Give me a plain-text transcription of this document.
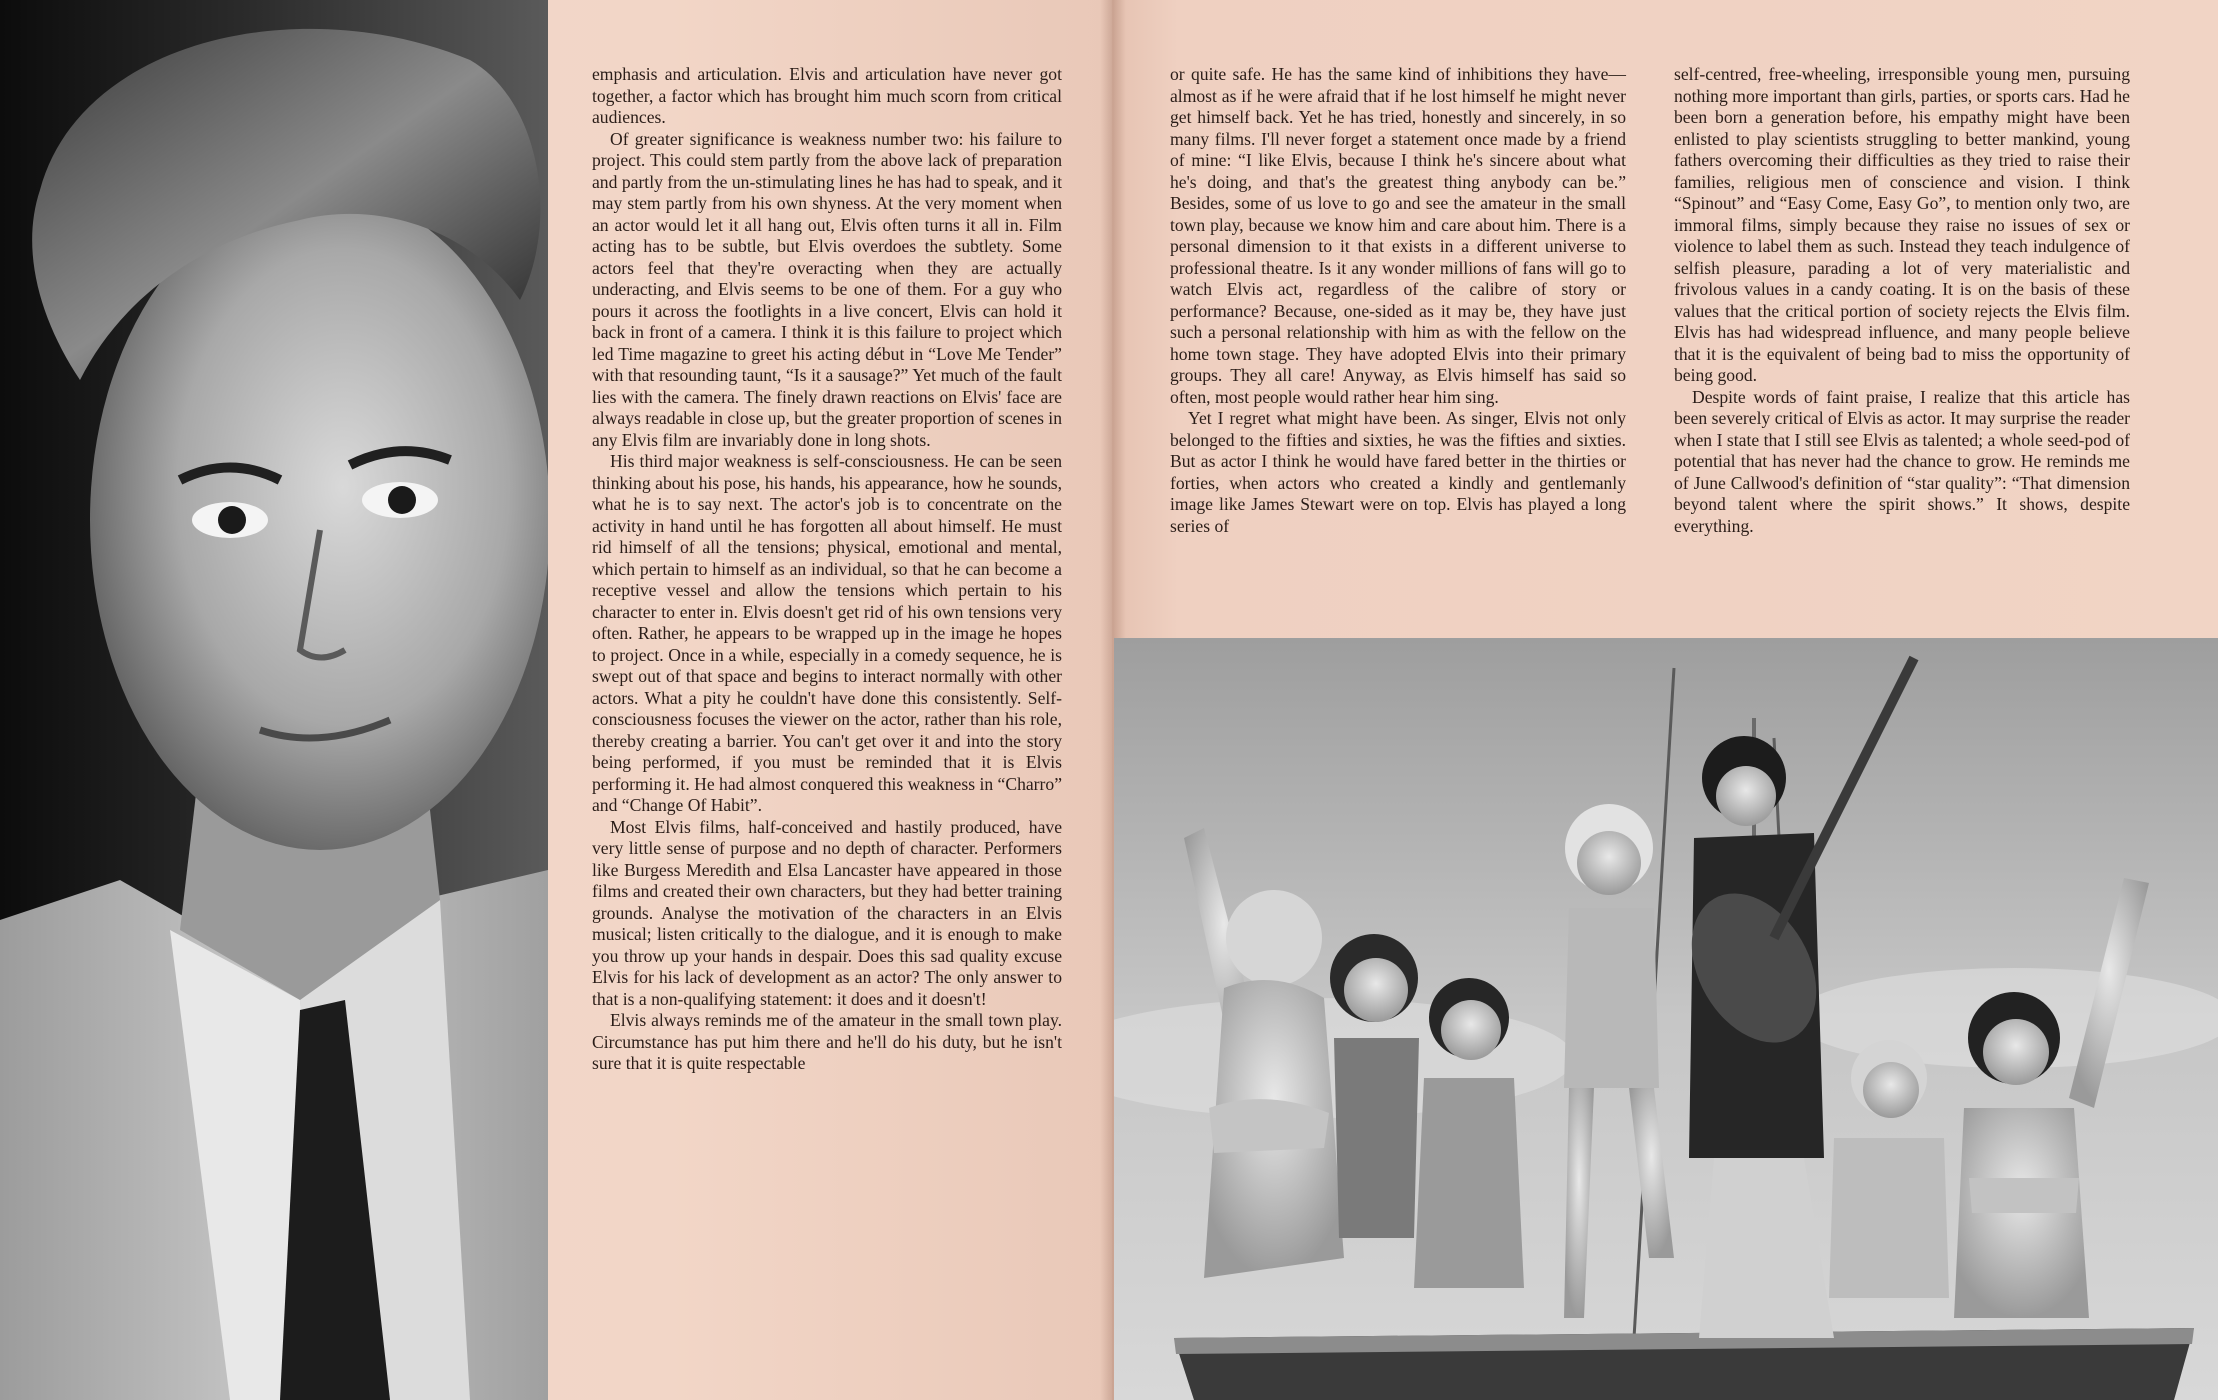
emphasis and articulation. Elvis and articulation have never got together, a factor which has brought him much scorn from critical audiences.

Of greater significance is weakness number two: his failure to project. This could stem partly from the above lack of preparation and partly from the un-stimulating lines he has had to speak, and it may stem partly from his own shyness. At the very moment when an actor would let it all hang out, Elvis often turns it all in. Film acting has to be subtle, but Elvis overdoes the subtlety. Some actors feel that they're overacting when they are actually underacting, and Elvis seems to be one of them. For a guy who pours it across the footlights in a live concert, Elvis can hold it back in front of a camera. I think it is this failure to project which led Time magazine to greet his acting début in “Love Me Tender” with that resounding taunt, “Is it a sausage?” Yet much of the fault lies with the camera. The finely drawn reactions on Elvis' face are always readable in close up, but the greater proportion of scenes in any Elvis film are invariably done in long shots.

His third major weakness is self-consciousness. He can be seen thinking about his pose, his hands, his appearance, how he sounds, what he is to say next. The actor's job is to concentrate on the activity in hand until he has forgotten all about himself. He must rid himself of all the tensions; physical, emotional and mental, which pertain to himself as an individual, so that he can become a receptive vessel and allow the tensions which pertain to his character to enter in. Elvis doesn't get rid of his own tensions very often. Rather, he appears to be wrapped up in the image he hopes to project. Once in a while, especially in a comedy sequence, he is swept out of that space and begins to interact normally with other actors. What a pity he couldn't have done this consistently. Self-consciousness focuses the viewer on the actor, rather than his role, thereby creating a barrier. You can't get over it and into the story being performed, if you must be reminded that it is Elvis performing it. He had almost conquered this weakness in “Charro” and “Change Of Habit”.

Most Elvis films, half-conceived and hastily produced, have very little sense of purpose and no depth of character. Performers like Burgess Meredith and Elsa Lancaster have appeared in those films and created their own characters, but they had better training grounds. Analyse the motivation of the characters in an Elvis musical; listen critically to the dialogue, and it is enough to make you throw up your hands in despair. Does this sad quality excuse Elvis for his lack of development as an actor? The only answer to that is a non-qualifying statement: it does and it doesn't!

Elvis always reminds me of the amateur in the small town play. Circumstance has put him there and he'll do his duty, but he isn't sure that it is quite respectable

or quite safe. He has the same kind of inhibitions they have—almost as if he were afraid that if he lost himself he might never get himself back. Yet he has tried, honestly and sincerely, in so many films. I'll never forget a statement once made by a friend of mine: “I like Elvis, because I think he's sincere about what he's doing, and that's the greatest thing anybody can be.” Besides, some of us love to go and see the amateur in the small town play, because we know him and care about him. There is a personal dimension to it that exists in a different universe to professional theatre. Is it any wonder millions of fans will go to watch Elvis act, regardless of the calibre of story or performance? Because, one-sided as it may be, they have just such a personal relationship with him as with the fellow on the home town stage. They have adopted Elvis into their primary groups. They all care! Anyway, as Elvis himself has said so often, most people would rather hear him sing.

Yet I regret what might have been. As singer, Elvis not only belonged to the fifties and sixties, he was the fifties and sixties. But as actor I think he would have fared better in the thirties or forties, when actors who created a kindly and gentlemanly image like James Stewart were on top. Elvis has played a long series of

self-centred, free-wheeling, irresponsible young men, pursuing nothing more important than girls, parties, or sports cars. Had he been born a generation before, his empathy might have been enlisted to play scientists struggling to better mankind, young fathers overcoming their difficulties as they tried to raise their families, religious men of conscience and vision. I think “Spinout” and “Easy Come, Easy Go”, to mention only two, are immoral films, simply because they raise no issues of sex or violence to label them as such. Instead they teach indulgence of selfish pleasure, parading a lot of very materialistic and frivolous values in a candy coating. It is on the basis of these values that the critical portion of society rejects the Elvis film. Elvis has had widespread influence, and many people believe that it is the equivalent of being bad to miss the opportunity of being good.

Despite words of faint praise, I realize that this article has been severely critical of Elvis as actor. It may surprise the reader when I state that I still see Elvis as talented; a whole seed-pod of potential that has never had the chance to grow. He reminds me of June Callwood's definition of “star quality”: “That dimension beyond talent where the spirit shows.” It shows, despite everything.
